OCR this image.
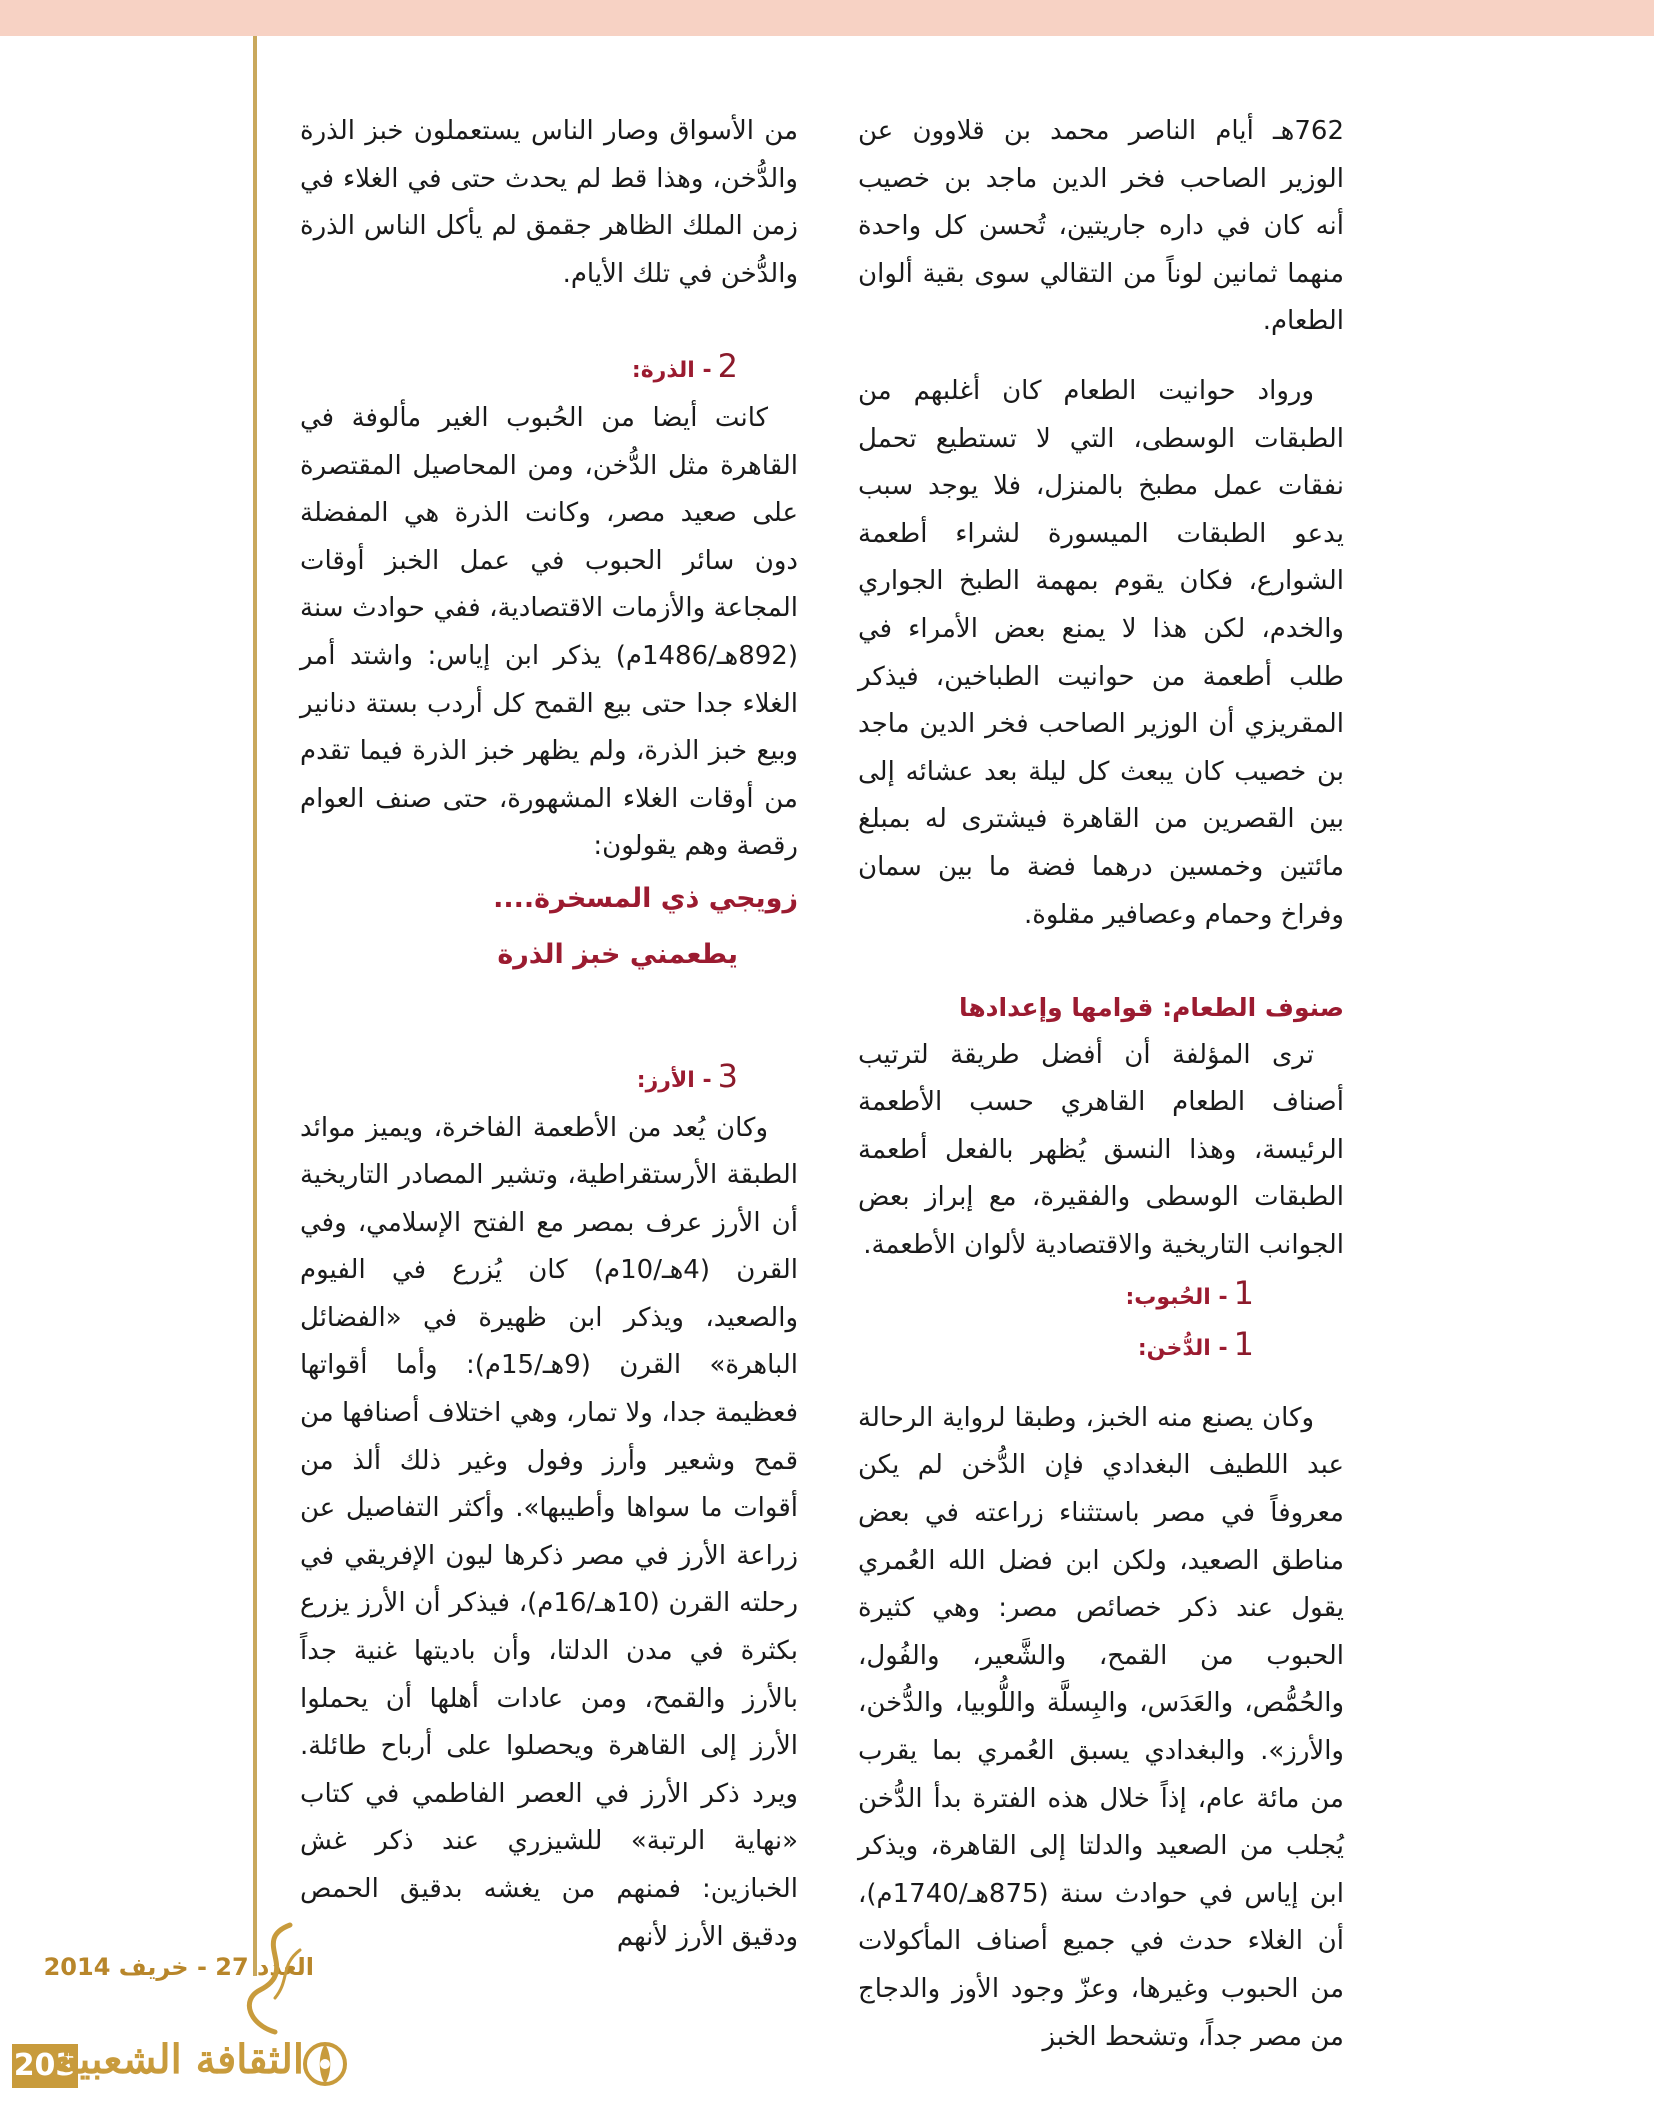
762هـ أيام الناصر محمد بن قلاوون عن الوزير الصاحب فخر الدين ماجد بن خصيب أنه كان في داره جاريتين، تُحسن كل واحدة منهما ثمانين لوناً من التقالي سوى بقية ألوان الطعام.

ورواد حوانيت الطعام كان أغلبهم من الطبقات الوسطى، التي لا تستطيع تحمل نفقات عمل مطبخ بالمنزل، فلا يوجد سبب يدعو الطبقات الميسورة لشراء أطعمة الشوارع، فكان يقوم بمهمة الطبخ الجواري والخدم، لكن هذا لا يمنع بعض الأمراء في طلب أطعمة من حوانيت الطباخين، فيذكر المقريزي أن الوزير الصاحب فخر الدين ماجد بن خصيب كان يبعث كل ليلة بعد عشائه إلى بين القصرين من القاهرة فيشترى له بمبلغ مائتين وخمسين درهما فضة ما بين سمان وفراخ وحمام وعصافير مقلوة.

صنوف الطعام: قوامها وإعدادها

ترى المؤلفة أن أفضل طريقة لترتيب أصناف الطعام القاهري حسب الأطعمة الرئيسة، وهذا النسق يُظهر بالفعل أطعمة الطبقات الوسطى والفقيرة، مع إبراز بعض الجوانب التاريخية والاقتصادية لألوان الأطعمة.

1- الحُبوب:
1- الدُّخن:

وكان يصنع منه الخبز، وطبقا لرواية الرحالة عبد اللطيف البغدادي فإن الدُّخن لم يكن معروفاً في مصر باستثناء زراعته في بعض مناطق الصعيد، ولكن ابن فضل الله العُمري يقول عند ذكر خصائص مصر: وهي كثيرة الحبوب من القمح، والشَّعير، والفُول، والحُمُّص، والعَدَس، والبِسلَّة واللُّوبيا، والدُّخن، والأرز». والبغدادي يسبق العُمري بما يقرب من مائة عام، إذاً خلال هذه الفترة بدأ الدُّخن يُجلب من الصعيد والدلتا إلى القاهرة، ويذكر ابن إياس في حوادث سنة (875هـ/1740م)، أن الغلاء حدث في جميع أصناف المأكولات من الحبوب وغيرها، وعزّ وجود الأوز والدجاج من مصر جداً، وتشحط الخبز

من الأسواق وصار الناس يستعملون خبز الذرة والدُّخن، وهذا قط لم يحدث حتى في الغلاء في زمن الملك الظاهر جقمق لم يأكل الناس الذرة والدُّخن في تلك الأيام.

2- الذرة:

كانت أيضا من الحُبوب الغير مألوفة في القاهرة مثل الدُّخن، ومن المحاصيل المقتصرة على صعيد مصر، وكانت الذرة هي المفضلة دون سائر الحبوب في عمل الخبز أوقات المجاعة والأزمات الاقتصادية، ففي حوادث سنة (892هـ/1486م) يذكر ابن إياس: واشتد أمر الغلاء جدا حتى بيع القمح كل أردب بستة دنانير وبيع خبز الذرة، ولم يظهر خبز الذرة فيما تقدم من أوقات الغلاء المشهورة، حتى صنف العوام رقصة وهم يقولون:

زويجي ذي المسخرة....
يطعمني خبز الذرة
3- الأرز:

وكان يُعد من الأطعمة الفاخرة، ويميز موائد الطبقة الأرستقراطية، وتشير المصادر التاريخية أن الأرز عرف بمصر مع الفتح الإسلامي، وفي القرن (4هـ/10م) كان يُزرع في الفيوم والصعيد، ويذكر ابن ظهيرة في «الفضائل الباهرة» القرن (9هـ/15م): وأما أقواتها فعظيمة جدا، ولا تمار، وهي اختلاف أصنافها من قمح وشعير وأرز وفول وغير ذلك ألذ من أقوات ما سواها وأطيبها». وأكثر التفاصيل عن زراعة الأرز في مصر ذكرها ليون الإفريقي في رحلته القرن (10هـ/16م)، فيذكر أن الأرز يزرع بكثرة في مدن الدلتا، وأن باديتها غنية جداً بالأرز والقمح، ومن عادات أهلها أن يحملوا الأرز إلى القاهرة ويحصلوا على أرباح طائلة. ويرد ذكر الأرز في العصر الفاطمي في كتاب «نهاية الرتبة» للشيزري عند ذكر غش الخبازين: فمنهم من يغشه بدقيق الحمص ودقيق الأرز لأنهم

العدد 27 - خريف 2014
203
الثقافة الشعبية
